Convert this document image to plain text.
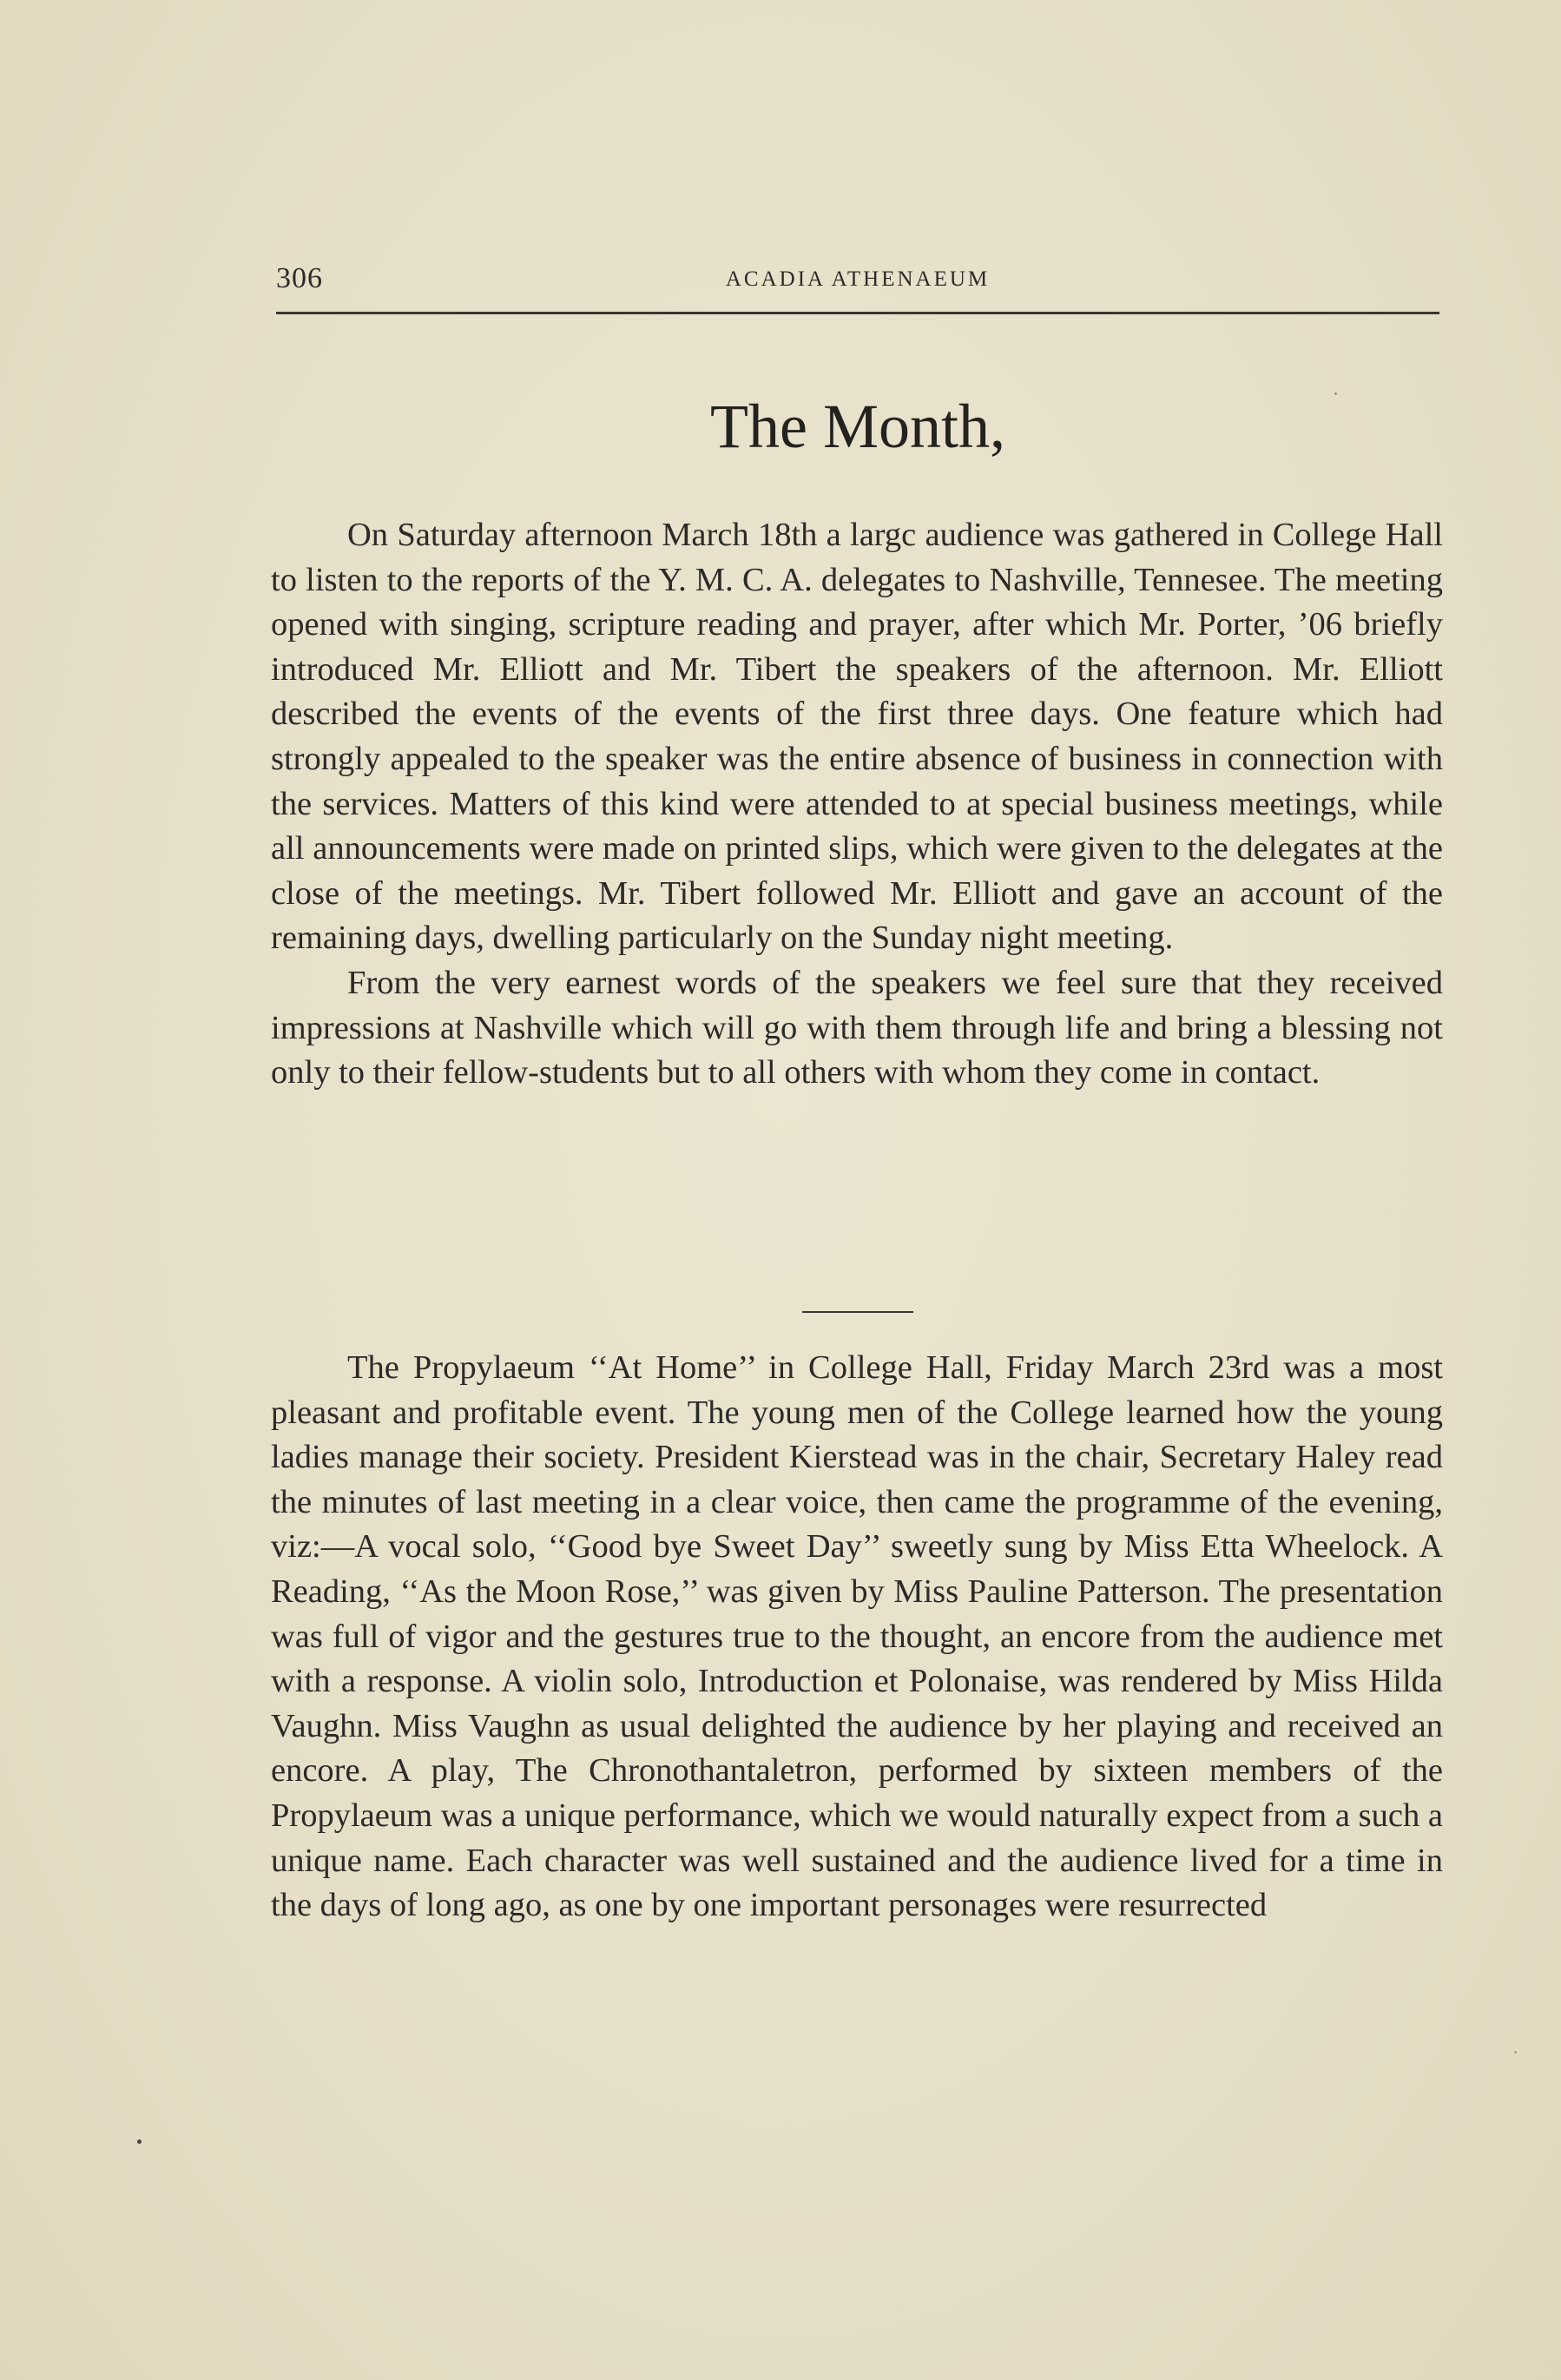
306	ACADIA ATHENAEUM
The Month,

On Saturday afternoon March 18th a largc audience was gathered in College Hall to listen to the reports of the Y. M. C. A. delegates to Nashville, Tennesee. The meeting opened with singing, scripture reading and prayer, after which Mr. Porter, ’06 briefly introduced Mr. Elliott and Mr. Tibert the speakers of the afternoon. Mr. Elliott described the events of the events of the first three days. One feature which had strongly appealed to the speaker was the entire absence of business in connection with the services. Matters of this kind were attended to at special business meetings, while all announcements were made on printed slips, which were given to the delegates at the close of the meetings. Mr. Tibert followed Mr. Elliott and gave an account of the remaining days, dwelling particularly on the Sunday night meeting.

From the very earnest words of the speakers we feel sure that they received impressions at Nashville which will go with them through life and bring a blessing not only to their fellow-students but to all others with whom they come in contact.

The Propylaeum ‘‘At Home’’ in College Hall, Friday March 23rd was a most pleasant and profitable event. The young men of the College learned how the young ladies manage their society. President Kierstead was in the chair, Secretary Haley read the minutes of last meeting in a clear voice, then came the programme of the evening, viz:—A vocal solo, ‘‘Good bye Sweet Day’’ sweetly sung by Miss Etta Wheelock. A Reading, ‘‘As the Moon Rose,’’ was given by Miss Pauline Patterson. The presentation was full of vigor and the gestures true to the thought, an encore from the audience met with a response. A violin solo, Introduction et Polonaise, was rendered by Miss Hilda Vaughn. Miss Vaughn as usual delighted the audience by her playing and received an encore. A play, The Chronothantaletron, performed by sixteen members of the Propylaeum was a unique performance, which we would naturally expect from a such a unique name. Each character was well sustained and the audience lived for a time in the days of long ago, as one by one important personages were resurrected
